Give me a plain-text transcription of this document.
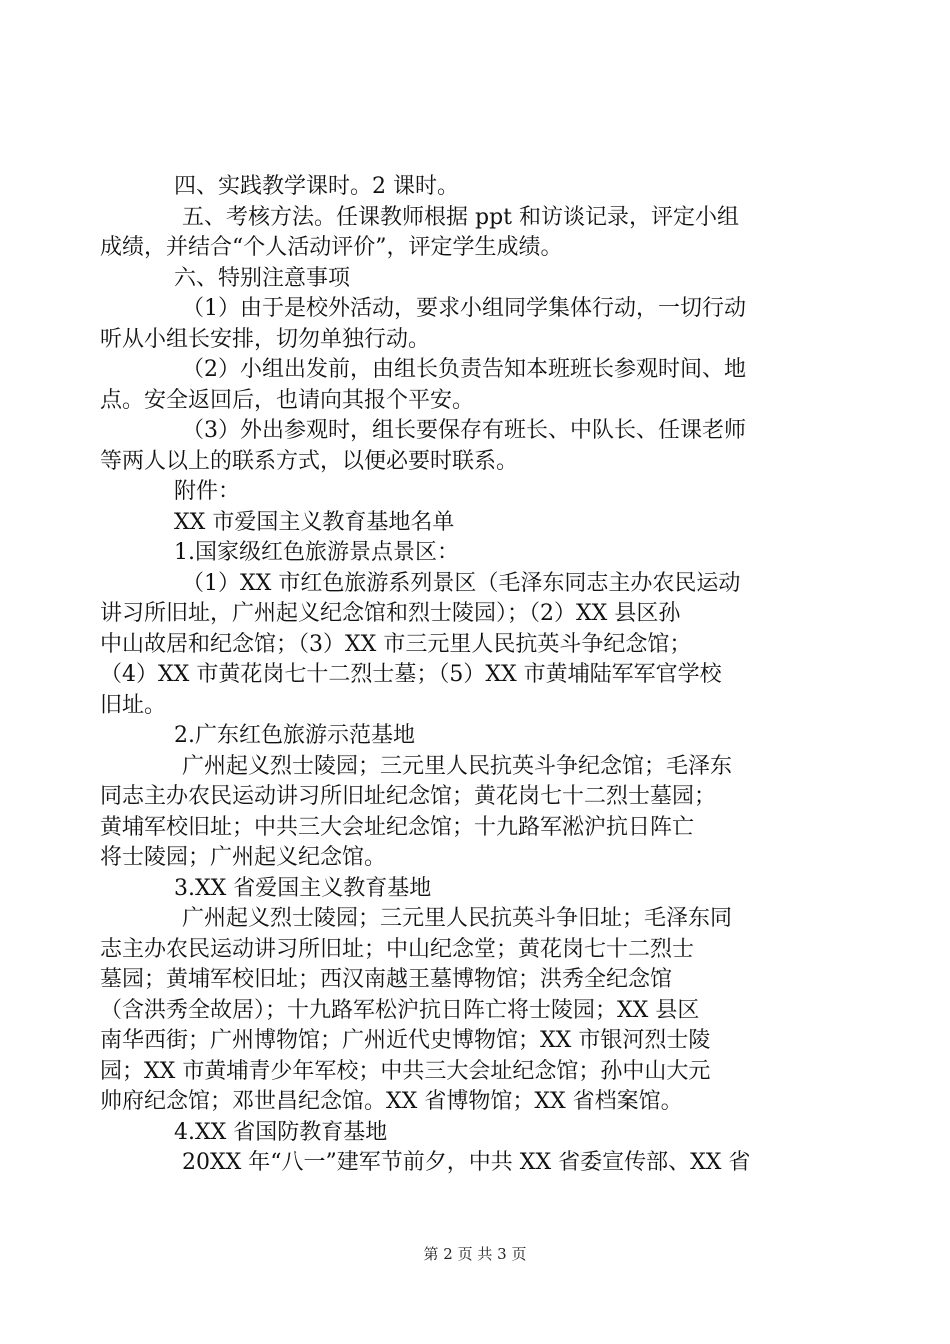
四、实践教学课时。2 课时。
五、考核方法。任课教师根据 ppt 和访谈记录，评定小组
成绩，并结合“个人活动评价”，评定学生成绩。
六、特别注意事项
（1）由于是校外活动，要求小组同学集体行动，一切行动
听从小组长安排，切勿单独行动。
（2）小组出发前，由组长负责告知本班班长参观时间、地
点。安全返回后，也请向其报个平安。
（3）外出参观时，组长要保存有班长、中队长、任课老师
等两人以上的联系方式，以便必要时联系。
附件：
XX 市爱国主义教育基地名单
1.国家级红色旅游景点景区：
（1）XX 市红色旅游系列景区（毛泽东同志主办农民运动
讲习所旧址，广州起义纪念馆和烈士陵园）；（2）XX 县区孙
中山故居和纪念馆；（3）XX 市三元里人民抗英斗争纪念馆；
（4）XX 市黄花岗七十二烈士墓；（5）XX 市黄埔陆军军官学校
旧址。
2.广东红色旅游示范基地
广州起义烈士陵园；三元里人民抗英斗争纪念馆；毛泽东
同志主办农民运动讲习所旧址纪念馆；黄花岗七十二烈士墓园；
黄埔军校旧址；中共三大会址纪念馆；十九路军淞沪抗日阵亡
将士陵园；广州起义纪念馆。
3.XX 省爱国主义教育基地
广州起义烈士陵园；三元里人民抗英斗争旧址；毛泽东同
志主办农民运动讲习所旧址；中山纪念堂；黄花岗七十二烈士
墓园；黄埔军校旧址；西汉南越王墓博物馆；洪秀全纪念馆
（含洪秀全故居）；十九路军松沪抗日阵亡将士陵园；XX 县区
南华西街；广州博物馆；广州近代史博物馆；XX 市银河烈士陵
园；XX 市黄埔青少年军校；中共三大会址纪念馆；孙中山大元
帅府纪念馆；邓世昌纪念馆。XX 省博物馆；XX 省档案馆。
4.XX 省国防教育基地
20XX 年“八一”建军节前夕，中共 XX 省委宣传部、XX 省
第 2 页 共 3 页
